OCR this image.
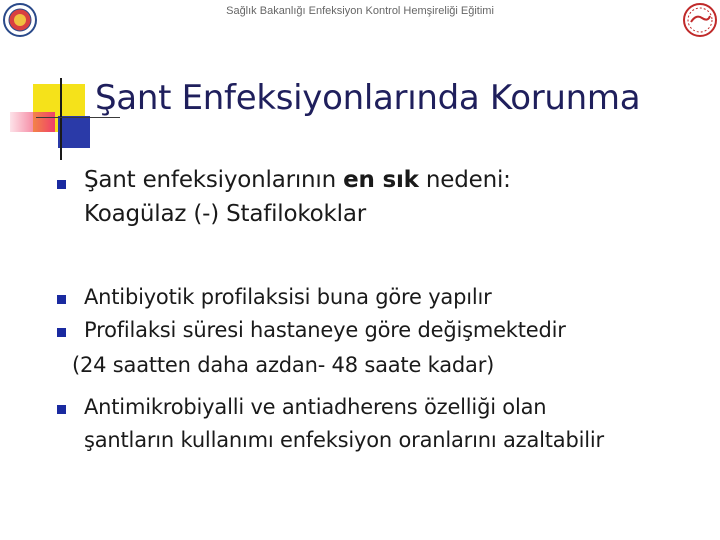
Sağlık Bakanlığı Enfeksiyon Kontrol Hemşireliği Eğitimi
Şant Enfeksiyonlarında Korunma
Şant enfeksiyonlarının en sık nedeni:
Koagülaz (-) Stafilokoklar
Antibiyotik profilaksisi buna göre yapılır
Profilaksi süresi hastaneye göre değişmektedir
(24 saatten daha azdan- 48 saate kadar)
Antimikrobiyalli ve antiadherens özelliği olan
şantların kullanımı enfeksiyon oranlarını azaltabilir
